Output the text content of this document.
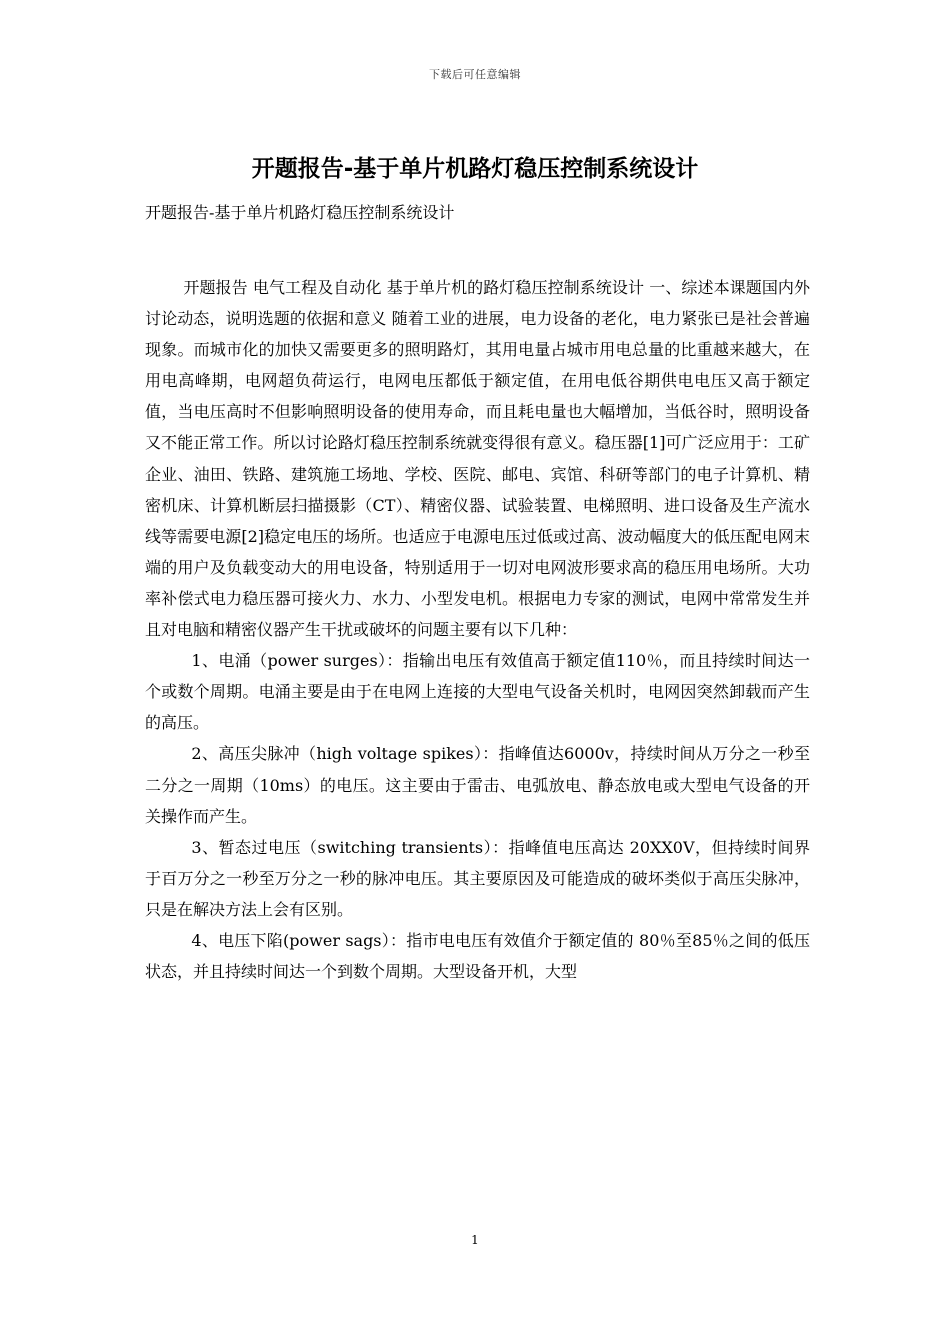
下载后可任意编辑
开题报告-基于单片机路灯稳压控制系统设计

开题报告-基于单片机路灯稳压控制系统设计

开题报告 电气工程及自动化 基于单片机的路灯稳压控制系统设计 一、综述本课题国内外讨论动态，说明选题的依据和意义 随着工业的进展，电力设备的老化，电力紧张已是社会普遍现象。而城市化的加快又需要更多的照明路灯，其用电量占城市用电总量的比重越来越大，在用电高峰期，电网超负荷运行，电网电压都低于额定值，在用电低谷期供电电压又高于额定值，当电压高时不但影响照明设备的使用寿命，而且耗电量也大幅增加，当低谷时，照明设备又不能正常工作。所以讨论路灯稳压控制系统就变得很有意义。稳压器[1]可广泛应用于：工矿企业、油田、铁路、建筑施工场地、学校、医院、邮电、宾馆、科研等部门的电子计算机、精密机床、计算机断层扫描摄影（CT）、精密仪器、试验装置、电梯照明、进口设备及生产流水线等需要电源[2]稳定电压的场所。也适应于电源电压过低或过高、波动幅度大的低压配电网末端的用户及负载变动大的用电设备，特别适用于一切对电网波形要求高的稳压用电场所。大功率补偿式电力稳压器可接火力、水力、小型发电机。根据电力专家的测试，电网中常常发生并且对电脑和精密仪器产生干扰或破坏的问题主要有以下几种：

1、电涌（power surges）：指输出电压有效值高于额定值110％，而且持续时间达一个或数个周期。电涌主要是由于在电网上连接的大型电气设备关机时，电网因突然卸载而产生的高压。

2、高压尖脉冲（high voltage spikes）：指峰值达6000v，持续时间从万分之一秒至二分之一周期（10ms）的电压。这主要由于雷击、电弧放电、静态放电或大型电气设备的开关操作而产生。

3、暂态过电压（switching transients）：指峰值电压高达 20XX0V，但持续时间界于百万分之一秒至万分之一秒的脉冲电压。其主要原因及可能造成的破坏类似于高压尖脉冲，只是在解决方法上会有区别。

4、电压下陷(power sags）：指市电电压有效值介于额定值的 80％至85％之间的低压状态，并且持续时间达一个到数个周期。大型设备开机，大型

1
